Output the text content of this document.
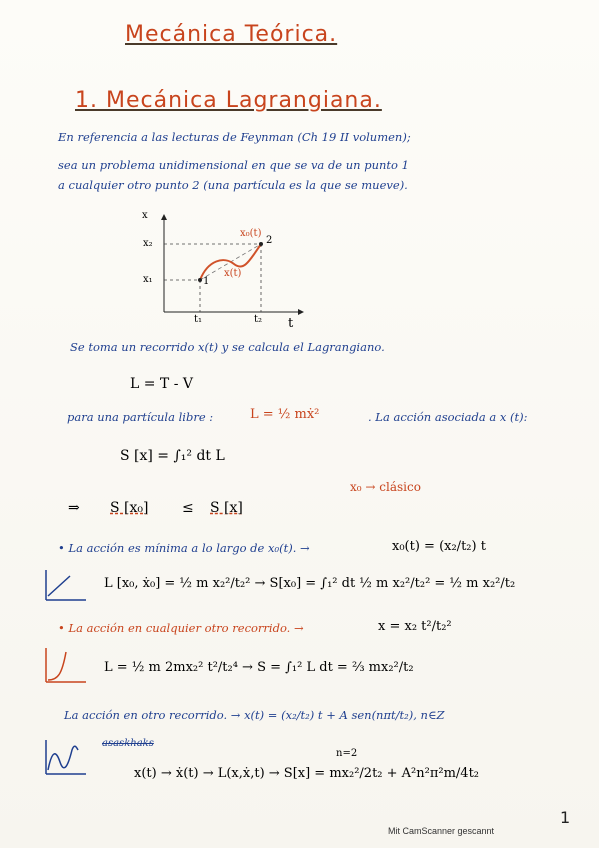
Mecánica Teórica.
1. Mecánica Lagrangiana.
En referencia a las lecturas de Feynman (Ch 19 II volumen);
sea un problema unidimensional en que se va de un punto 1
a cualquier otro punto 2 (una partícula es la que se mueve).
x
t
x₂
x₁
t₁	t₂
x₀(t)
x(t)
1
2
Se toma un recorrido x(t) y se calcula el Lagrangiano.
L = T - V
para una partícula libre :	L = ½ mẋ²	. La acción asociada a x (t):
S [x] = ∫₁² dt L
x₀ → clásico
⇒ S [x₀] ≤ S [x]
• La acción es mínima a lo largo de x₀(t). →	x₀(t) = (x₂/t₂) t
L [x₀, ẋ₀] = ½ m x₂²/t₂² → S[x₀] = ∫₁² dt ½ m x₂²/t₂² = ½ m x₂²/t₂
• La acción en cualquier otro recorrido. →	x = x₂ t²/t₂²
L = ½ m 2mx₂² t²/t₂⁴ → S = ∫₁² L dt = ⅔ mx₂²/t₂
La acción en otro recorrido. → x(t) = (x₂/t₂) t + A sen(nπt/t₂), n∈Z
asaskhaks
n=2
x(t) → ẋ(t) → L(x,ẋ,t) → S[x] = mx₂²/2t₂ + A²n²π²m/4t₂
1
Mit CamScanner gescannt
